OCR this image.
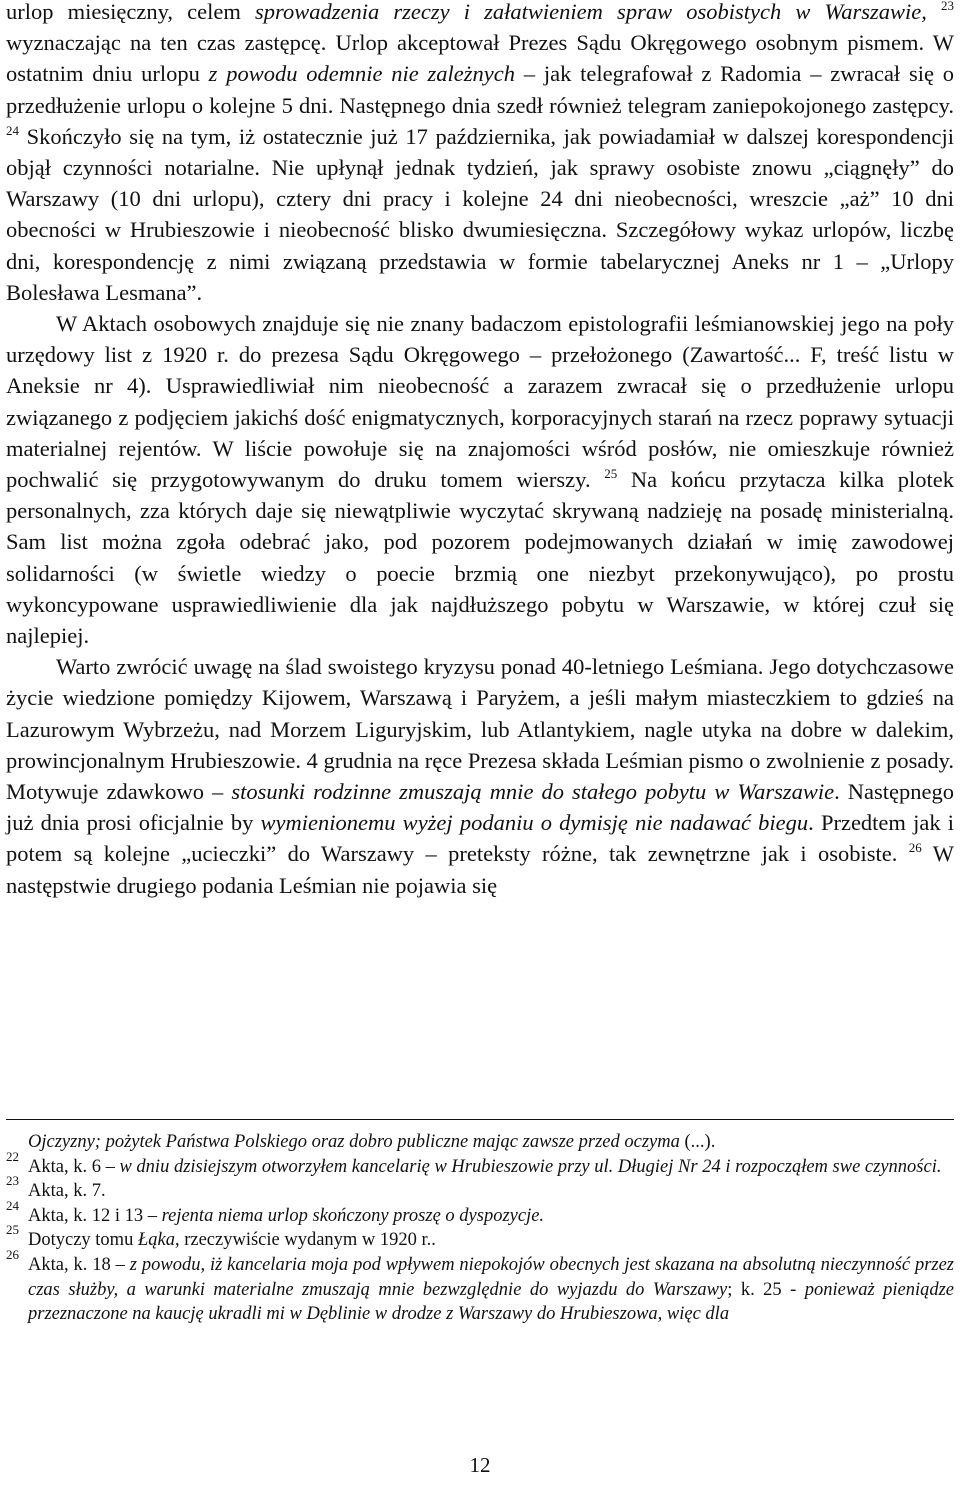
urlop miesięczny, celem sprowadzenia rzeczy i załatwieniem spraw osobistych w Warszawie, $^{23}$ wyznaczając na ten czas zastępcę. Urlop akceptował Prezes Sądu Okręgowego osobnym pismem. W ostatnim dniu urlopu z powodu odemnie nie zależnych – jak telegrafował z Radomia – zwracał się o przedłużenie urlopu o kolejne 5 dni. Następnego dnia szedł również telegram zaniepokojonego zastępcy. $^{24}$ Skończyło się na tym, iż ostatecznie już 17 października, jak powiadamiał w dalszej korespondencji objął czynności notarialne. Nie upłynął jednak tydzień, jak sprawy osobiste znowu „ciągnęły” do Warszawy (10 dni urlopu), cztery dni pracy i kolejne 24 dni nieobecności, wreszcie „aż” 10 dni obecności w Hrubieszowie i nieobecność blisko dwumiesięczna. Szczegółowy wykaz urlopów, liczbę dni, korespondencję z nimi związaną przedstawia w formie tabelarycznej Aneks nr 1 – „Urlopy Bolesława Lesmana”.

W Aktach osobowych znajduje się nie znany badaczom epistolografii leśmianowskiej jego na poły urzędowy list z 1920 r. do prezesa Sądu Okręgowego – przełożonego (Zawartość... F, treść listu w Aneksie nr 4). Usprawiedliwiał nim nieobecność a zarazem zwracał się o przedłużenie urlopu związanego z podjęciem jakichś dość enigmatycznych, korporacyjnych starań na rzecz poprawy sytuacji materialnej rejentów. W liście powołuje się na znajomości wśród posłów, nie omieszkuje również pochwalić się przygotowywanym do druku tomem wierszy. $^{25}$ Na końcu przytacza kilka plotek personalnych, zza których daje się niewątpliwie wyczytać skrywaną nadzieję na posadę ministerialną. Sam list można zgoła odebrać jako, pod pozorem podejmowanych działań w imię zawodowej solidarności (w świetle wiedzy o poecie brzmią one niezbyt przekonywująco), po prostu wykoncypowane usprawiedliwienie dla jak najdłuższego pobytu w Warszawie, w której czuł się najlepiej.

Warto zwrócić uwagę na ślad swoistego kryzysu ponad 40-letniego Leśmiana. Jego dotychczasowe życie wiedzione pomiędzy Kijowem, Warszawą i Paryżem, a jeśli małym miasteczkiem to gdzieś na Lazurowym Wybrzeżu, nad Morzem Liguryjskim, lub Atlantykiem, nagle utyka na dobre w dalekim, prowincjonalnym Hrubieszowie. 4 grudnia na ręce Prezesa składa Leśmian pismo o zwolnienie z posady. Motywuje zdawkowo – stosunki rodzinne zmuszają mnie do stałego pobytu w Warszawie. Następnego już dnia prosi oficjalnie by wymienionemu wyżej podaniu o dymisję nie nadawać biegu. Przedtem jak i potem są kolejne „ucieczki” do Warszawy – preteksty różne, tak zewnętrzne jak i osobiste. $^{26}$ W następstwie drugiego podania Leśmian nie pojawia się

Ojczyzny; pożytek Państwa Polskiego oraz dobro publiczne mając zawsze przed oczyma (...).
22
Akta, k. 6 – w dniu dzisiejszym otworzyłem kancelarię w Hrubieszowie przy ul. Długiej Nr 24 i rozpocząłem swe czynności.
23
Akta, k. 7.
24
Akta, k. 12 i 13 – rejenta niema urlop skończony proszę o dyspozycje.
25
Dotyczy tomu Łąka, rzeczywiście wydanym w 1920 r..
26
Akta, k. 18 – z powodu, iż kancelaria moja pod wpływem niepokojów obecnych jest skazana na absolutną nieczynność przez czas służby, a warunki materialne zmuszają mnie bezwzględnie do wyjazdu do Warszawy; k. 25 - ponieważ pieniądze przeznaczone na kaucję ukradli mi w Dęblinie w drodze z Warszawy do Hrubieszowa, więc dla
12
